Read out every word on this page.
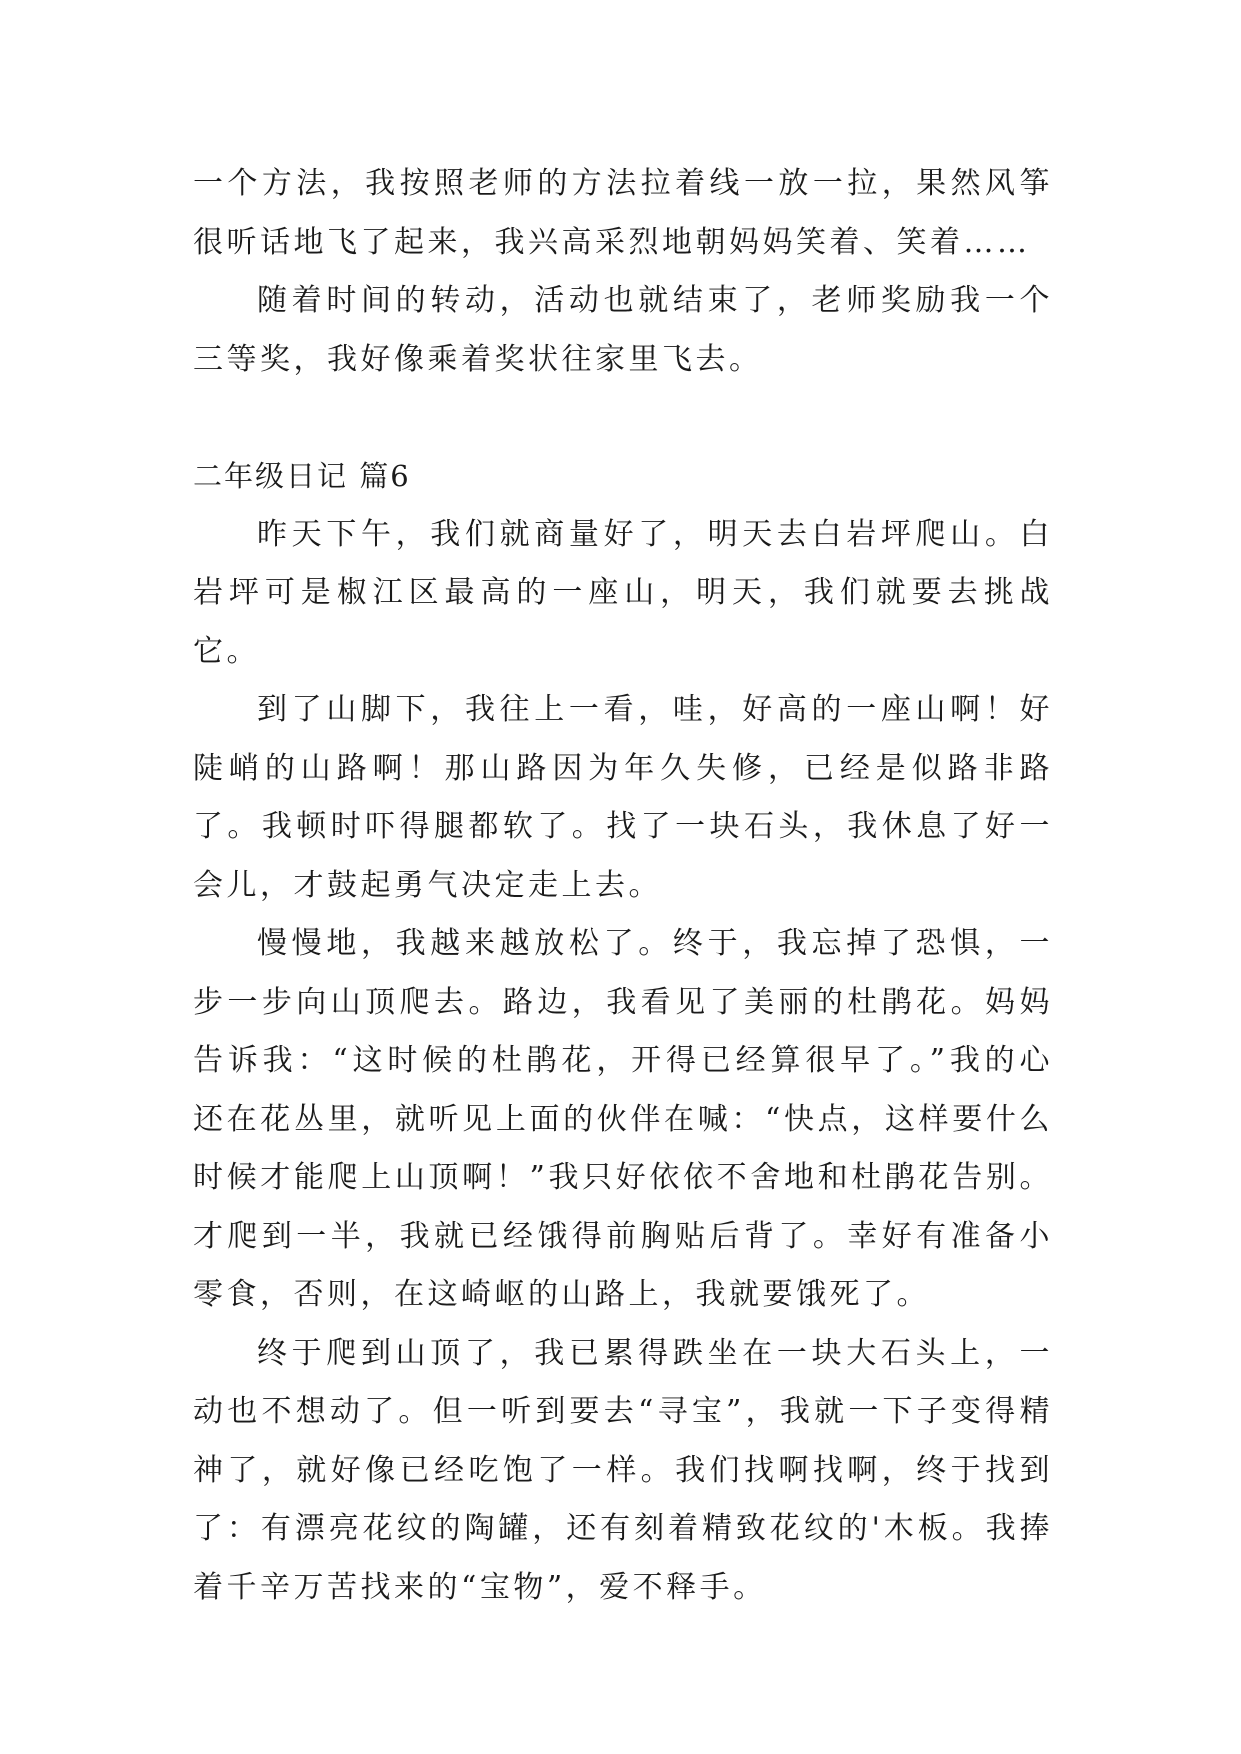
一个方法，我按照老师的方法拉着线一放一拉，果然风筝很听话地飞了起来，我兴高采烈地朝妈妈笑着、笑着……

随着时间的转动，活动也就结束了，老师奖励我一个三等奖，我好像乘着奖状往家里飞去。

二年级日记 篇6

昨天下午，我们就商量好了，明天去白岩坪爬山。白岩坪可是椒江区最高的一座山，明天，我们就要去挑战它。

到了山脚下，我往上一看，哇，好高的一座山啊！好陡峭的山路啊！那山路因为年久失修，已经是似路非路了。我顿时吓得腿都软了。找了一块石头，我休息了好一会儿，才鼓起勇气决定走上去。

慢慢地，我越来越放松了。终于，我忘掉了恐惧，一步一步向山顶爬去。路边，我看见了美丽的杜鹃花。妈妈告诉我：“这时候的杜鹃花，开得已经算很早了。”我的心还在花丛里，就听见上面的伙伴在喊：“快点，这样要什么时候才能爬上山顶啊！”我只好依依不舍地和杜鹃花告别。才爬到一半，我就已经饿得前胸贴后背了。幸好有准备小零食，否则，在这崎岖的山路上，我就要饿死了。

终于爬到山顶了，我已累得跌坐在一块大石头上，一动也不想动了。但一听到要去“寻宝”，我就一下子变得精神了，就好像已经吃饱了一样。我们找啊找啊，终于找到了：有漂亮花纹的陶罐，还有刻着精致花纹的'木板。我捧着千辛万苦找来的“宝物”，爱不释手。
